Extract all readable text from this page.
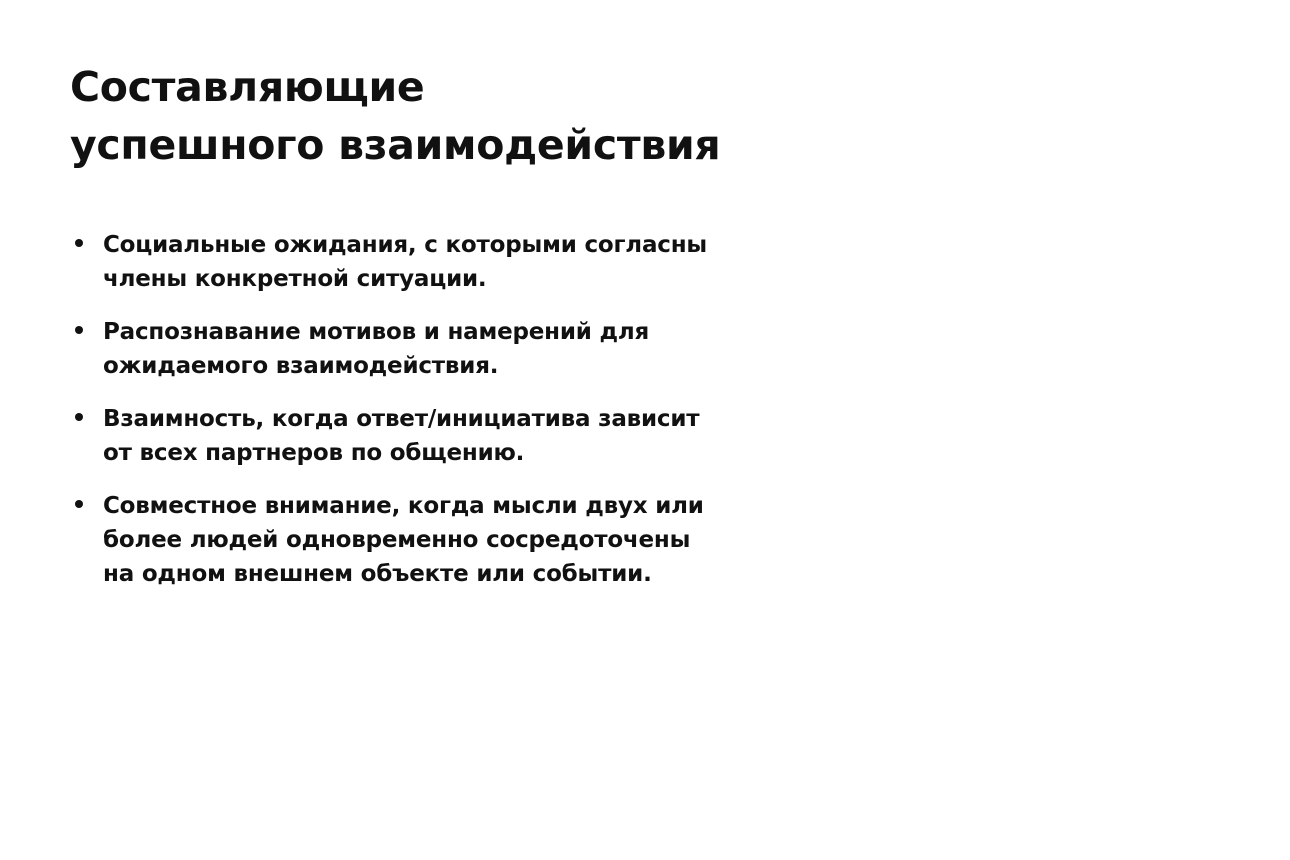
Составляющие
успешного взаимодействия
Социальные ожидания, с которыми согласны
члены конкретной ситуации.
Распознавание мотивов и намерений для
ожидаемого взаимодействия.
Взаимность, когда ответ/инициатива зависит
от всех партнеров по общению.
Совместное внимание, когда мысли двух или
более людей одновременно сосредоточены
на одном внешнем объекте или событии.
